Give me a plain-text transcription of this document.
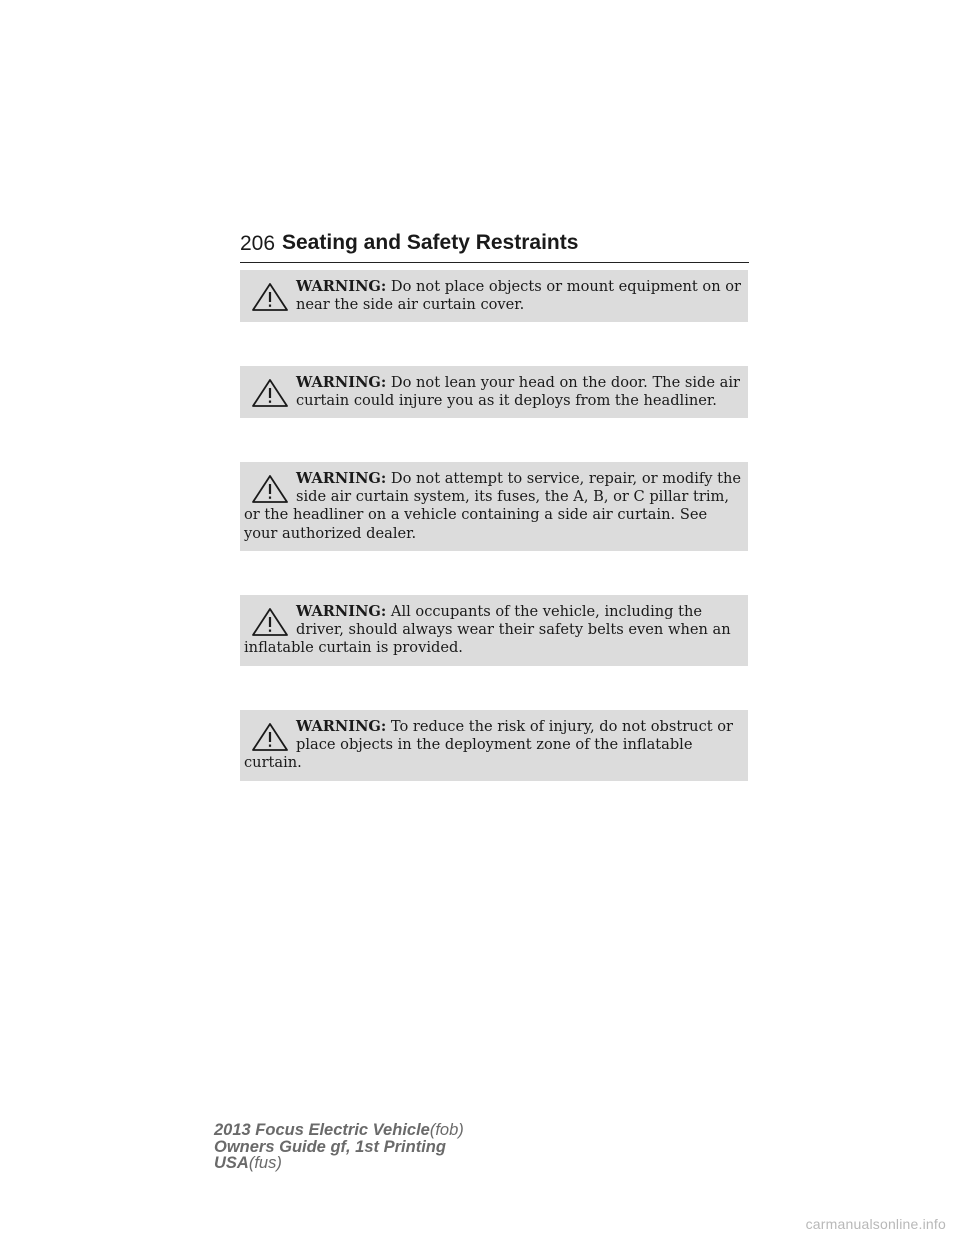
206 Seating and Safety Restraints
WARNING: Do not place objects or mount equipment on or near the side air curtain cover.
WARNING: Do not lean your head on the door. The side air curtain could injure you as it deploys from the headliner.
WARNING: Do not attempt to service, repair, or modify the side air curtain system, its fuses, the A, B, or C pillar trim, or the headliner on a vehicle containing a side air curtain. See your authorized dealer.
WARNING: All occupants of the vehicle, including the driver, should always wear their safety belts even when an inflatable curtain is provided.
WARNING: To reduce the risk of injury, do not obstruct or place objects in the deployment zone of the inflatable curtain.
2013 Focus Electric Vehicle(fob)
Owners Guide gf, 1st Printing
USA(fus)
carmanualsonline.info
